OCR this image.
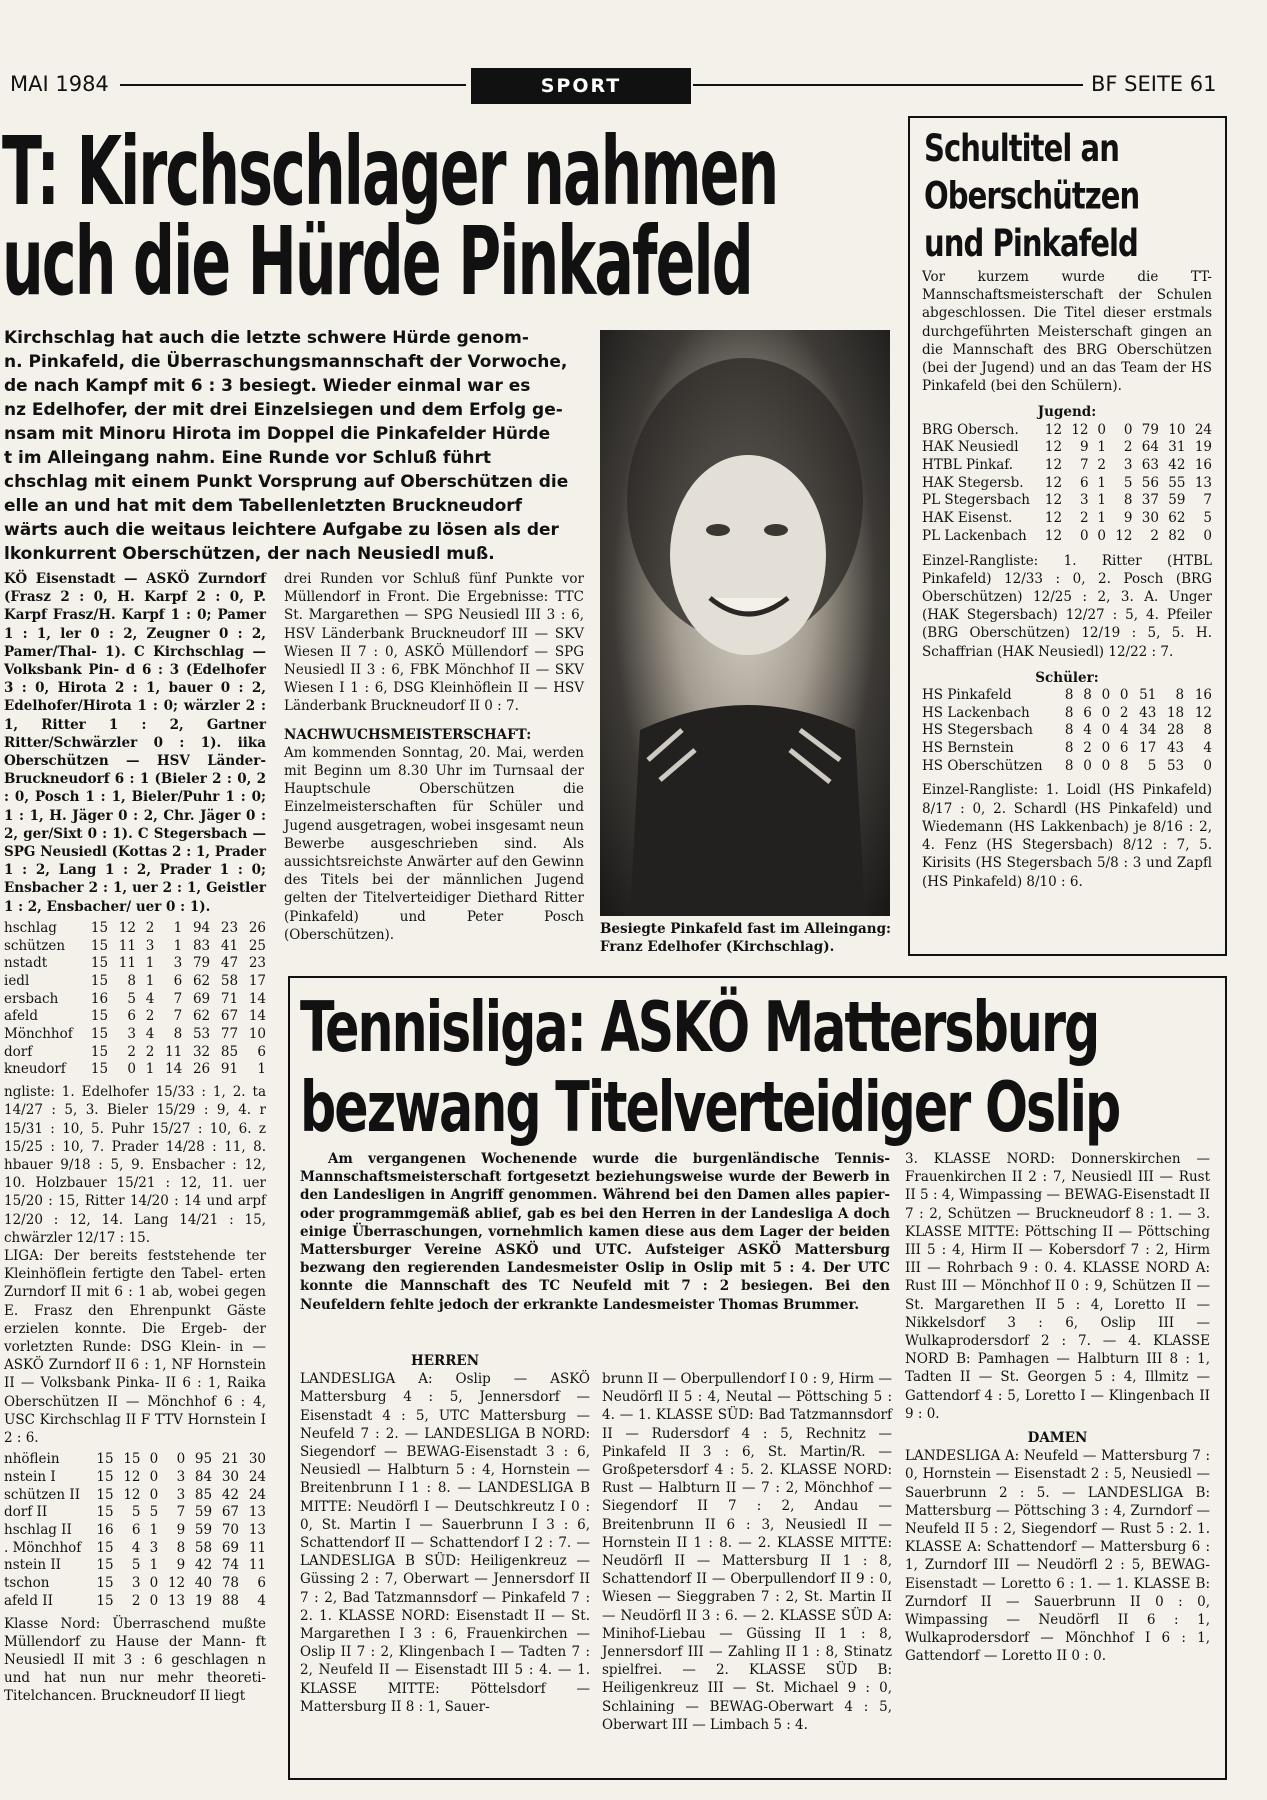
MAI 1984	SPORT	BF SEITE 61
T: Kirchschlager nahmen
uch die Hürde Pinkafeld
Kirchschlag hat auch die letzte schwere Hürde genom-
n. Pinkafeld, die Überraschungsmannschaft der Vorwoche,
de nach Kampf mit 6 : 3 besiegt. Wieder einmal war es
nz Edelhofer, der mit drei Einzelsiegen und dem Erfolg ge-
nsam mit Minoru Hirota im Doppel die Pinkafelder Hürde
t im Alleingang nahm. Eine Runde vor Schluß führt
chschlag mit einem Punkt Vorsprung auf Oberschützen die
elle an und hat mit dem Tabellenletzten Bruckneudorf
wärts auch die weitaus leichtere Aufgabe zu lösen als der
lkonkurrent Oberschützen, der nach Neusiedl muß.

KÖ Eisenstadt — ASKÖ Zurndorf (Frasz 2 : 0, H. Karpf 2 : 0, P. Karpf Frasz/H. Karpf 1 : 0; Pamer 1 : 1, ler 0 : 2, Zeugner 0 : 2, Pamer/Thal- 1). C Kirchschlag — Volksbank Pin- d 6 : 3 (Edelhofer 3 : 0, Hirota 2 : 1, bauer 0 : 2, Edelhofer/Hirota 1 : 0; wärzler 2 : 1, Ritter 1 : 2, Gartner Ritter/Schwärzler 0 : 1). iika Oberschützen — HSV Länder- Bruckneudorf 6 : 1 (Bieler 2 : 0, 2 : 0, Posch 1 : 1, Bieler/Puhr 1 : 0; 1 : 1, H. Jäger 0 : 2, Chr. Jäger 0 : 2, ger/Sixt 0 : 1). C Stegersbach — SPG Neusiedl (Kottas 2 : 1, Prader 1 : 2, Lang 1 : 2, Prader 1 : 0; Ensbacher 2 : 1, uer 2 : 1, Geistler 1 : 2, Ensbacher/ uer 0 : 1).

hschlag	15	12	2	1	94	23	26
schützen	15	11	3	1	83	41	25
nstadt	15	11	1	3	79	47	23
iedl	15	8	1	6	62	58	17
ersbach	16	5	4	7	69	71	14
afeld	15	6	2	7	62	67	14
Mönchhof	15	3	4	8	53	77	10
dorf	15	2	2	11	32	85	6
kneudorf	15	0	1	14	26	91	1

ngliste: 1. Edelhofer 15/33 : 1, 2. ta 14/27 : 5, 3. Bieler 15/29 : 9, 4. r 15/31 : 10, 5. Puhr 15/27 : 10, 6. z 15/25 : 10, 7. Prader 14/28 : 11, 8. hbauer 9/18 : 5, 9. Ensbacher : 12, 10. Holzbauer 15/21 : 12, 11. uer 15/20 : 15, Ritter 14/20 : 14 und arpf 12/20 : 12, 14. Lang 14/21 : 15, chwärzler 12/17 : 15.

LIGA: Der bereits feststehende ter Kleinhöflein fertigte den Tabel- erten Zurndorf II mit 6 : 1 ab, wobei gegen E. Frasz den Ehrenpunkt Gäste erzielen konnte. Die Ergeb- der vorletzten Runde: DSG Klein- in — ASKÖ Zurndorf II 6 : 1, NF Hornstein II — Volksbank Pinka- II 6 : 1, Raika Oberschützen II — Mönchhof 6 : 4, USC Kirchschlag II F TTV Hornstein I 2 : 6.

nhöflein	15	15	0	0	95	21	30
nstein I	15	12	0	3	84	30	24
schützen II	15	12	0	3	85	42	24
dorf II	15	5	5	7	59	67	13
hschlag II	16	6	1	9	59	70	13
. Mönchhof	15	4	3	8	58	69	11
nstein II	15	5	1	9	42	74	11
tschon	15	3	0	12	40	78	6
afeld II	15	2	0	13	19	88	4

Klasse Nord: Überraschend mußte Müllendorf zu Hause der Mann- ft Neusiedl II mit 3 : 6 geschlagen n und hat nun nur mehr theoreti- Titelchancen. Bruckneudorf II liegt

drei Runden vor Schluß fünf Punkte vor Müllendorf in Front. Die Ergebnisse: TTC St. Margarethen — SPG Neusiedl III 3 : 6, HSV Länderbank Bruckneudorf III — SKV Wiesen II 7 : 0, ASKÖ Müllendorf — SPG Neusiedl II 3 : 6, FBK Mönchhof II — SKV Wiesen I 1 : 6, DSG Kleinhöflein II — HSV Länderbank Bruckneudorf II 0 : 7.

NACHWUCHSMEISTERSCHAFT:

Am kommenden Sonntag, 20. Mai, werden mit Beginn um 8.30 Uhr im Turnsaal der Hauptschule Oberschützen die Einzelmeisterschaften für Schüler und Jugend ausgetragen, wobei insgesamt neun Bewerbe ausgeschrieben sind. Als aussichtsreichste Anwärter auf den Gewinn des Titels bei der männlichen Jugend gelten der Titelverteidiger Diethard Ritter (Pinkafeld) und Peter Posch (Oberschützen).	Besiegte Pinkafeld fast im Alleingang:
Franz Edelhofer (Kirchschlag).
Schultitel an
Oberschützen
und Pinkafeld

Vor kurzem wurde die TT-Mannschaftsmeisterschaft der Schulen abgeschlossen. Die Titel dieser erstmals durchgeführten Meisterschaft gingen an die Mannschaft des BRG Oberschützen (bei der Jugend) und an das Team der HS Pinkafeld (bei den Schülern).

Jugend:

BRG Obersch.	12	12	0	0	79	10	24
HAK Neusiedl	12	9	1	2	64	31	19
HTBL Pinkaf.	12	7	2	3	63	42	16
HAK Stegersb.	12	6	1	5	56	55	13
PL Stegersbach	12	3	1	8	37	59	7
HAK Eisenst.	12	2	1	9	30	62	5
PL Lackenbach	12	0	0	12	2	82	0

Einzel-Rangliste: 1. Ritter (HTBL Pinkafeld) 12/33 : 0, 2. Posch (BRG Oberschützen) 12/25 : 2, 3. A. Unger (HAK Stegersbach) 12/27 : 5, 4. Pfeiler (BRG Oberschützen) 12/19 : 5, 5. H. Schaffrian (HAK Neusiedl) 12/22 : 7.

Schüler:

HS Pinkafeld	8	8	0	0	51	8	16
HS Lackenbach	8	6	0	2	43	18	12
HS Stegersbach	8	4	0	4	34	28	8
HS Bernstein	8	2	0	6	17	43	4
HS Oberschützen	8	0	0	8	5	53	0

Einzel-Rangliste: 1. Loidl (HS Pinkafeld) 8/17 : 0, 2. Schardl (HS Pinkafeld) und Wiedemann (HS Lakkenbach) je 8/16 : 2, 4. Fenz (HS Stegersbach) 8/12 : 7, 5. Kirisits (HS Stegersbach 5/8 : 3 und Zapfl (HS Pinkafeld) 8/10 : 6.

Tennisliga: ASKÖ Mattersburg
bezwang Titelverteidiger Oslip
Am vergangenen Wochenende wurde die burgenländische Tennis-Mannschaftsmeisterschaft fortgesetzt beziehungsweise wurde der Bewerb in den Landesligen in Angriff genommen. Während bei den Damen alles papier- oder programmgemäß ablief, gab es bei den Herren in der Landesliga A doch einige Überraschungen, vornehmlich kamen diese aus dem Lager der beiden Mattersburger Vereine ASKÖ und UTC. Aufsteiger ASKÖ Mattersburg bezwang den regierenden Landesmeister Oslip in Oslip mit 5 : 4. Der UTC konnte die Mannschaft des TC Neufeld mit 7 : 2 besiegen. Bei den Neufeldern fehlte jedoch der erkrankte Landesmeister Thomas Brummer.

HERREN

LANDESLIGA A: Oslip — ASKÖ Mattersburg 4 : 5, Jennersdorf — Eisenstadt 4 : 5, UTC Mattersburg — Neufeld 7 : 2. — LANDESLIGA B NORD: Siegendorf — BEWAG-Eisenstadt 3 : 6, Neusiedl — Halbturn 5 : 4, Hornstein — Breitenbrunn I 1 : 8. — LANDESLIGA B MITTE: Neudörfl I — Deutschkreutz I 0 : 0, St. Martin I — Sauerbrunn I 3 : 6, Schattendorf II — Schattendorf I 2 : 7. — LANDESLIGA B SÜD: Heiligenkreuz — Güssing 2 : 7, Oberwart — Jennersdorf II 7 : 2, Bad Tatzmannsdorf — Pinkafeld 7 : 2. 1. KLASSE NORD: Eisenstadt II — St. Margarethen I 3 : 6, Frauenkirchen — Oslip II 7 : 2, Klingenbach I — Tadten 7 : 2, Neufeld II — Eisenstadt III 5 : 4. — 1. KLASSE MITTE: Pöttelsdorf — Mattersburg II 8 : 1, Sauer-

brunn II — Oberpullendorf I 0 : 9, Hirm — Neudörfl II 5 : 4, Neutal — Pöttsching 5 : 4. — 1. KLASSE SÜD: Bad Tatzmannsdorf II — Rudersdorf 4 : 5, Rechnitz — Pinkafeld II 3 : 6, St. Martin/R. — Großpetersdorf 4 : 5. 2. KLASSE NORD: Rust — Halbturn II — 7 : 2, Mönchhof — Siegendorf II 7 : 2, Andau — Breitenbrunn II 6 : 3, Neusiedl II — Hornstein II 1 : 8. — 2. KLASSE MITTE: Neudörfl II — Mattersburg II 1 : 8, Schattendorf II — Oberpullendorf II 9 : 0, Wiesen — Sieggraben 7 : 2, St. Martin II — Neudörfl II 3 : 6. — 2. KLASSE SÜD A: Minihof-Liebau — Güssing II 1 : 8, Jennersdorf III — Zahling II 1 : 8, Stinatz spielfrei. — 2. KLASSE SÜD B: Heiligenkreuz III — St. Michael 9 : 0, Schlaining — BEWAG-Oberwart 4 : 5, Oberwart III — Limbach 5 : 4.

3. KLASSE NORD: Donnerskirchen — Frauenkirchen II 2 : 7, Neusiedl III — Rust II 5 : 4, Wimpassing — BEWAG-Eisenstadt II 7 : 2, Schützen — Bruckneudorf 8 : 1. — 3. KLASSE MITTE: Pöttsching II — Pöttsching III 5 : 4, Hirm II — Kobersdorf 7 : 2, Hirm III — Rohrbach 9 : 0. 4. KLASSE NORD A: Rust III — Mönchhof II 0 : 9, Schützen II — St. Margarethen II 5 : 4, Loretto II — Nikkelsdorf 3 : 6, Oslip III — Wulkaprodersdorf 2 : 7. — 4. KLASSE NORD B: Pamhagen — Halbturn III 8 : 1, Tadten II — St. Georgen 5 : 4, Illmitz — Gattendorf 4 : 5, Loretto I — Klingenbach II 9 : 0.

DAMEN

LANDESLIGA A: Neufeld — Mattersburg 7 : 0, Hornstein — Eisenstadt 2 : 5, Neusiedl — Sauerbrunn 2 : 5. — LANDESLIGA B: Mattersburg — Pöttsching 3 : 4, Zurndorf — Neufeld II 5 : 2, Siegendorf — Rust 5 : 2. 1. KLASSE A: Schattendorf — Mattersburg 6 : 1, Zurndorf III — Neudörfl 2 : 5, BEWAG-Eisenstadt — Loretto 6 : 1. — 1. KLASSE B: Zurndorf II — Sauerbrunn II 0 : 0, Wimpassing — Neudörfl II 6 : 1, Wulkaprodersdorf — Mönchhof I 6 : 1, Gattendorf — Loretto II 0 : 0.
